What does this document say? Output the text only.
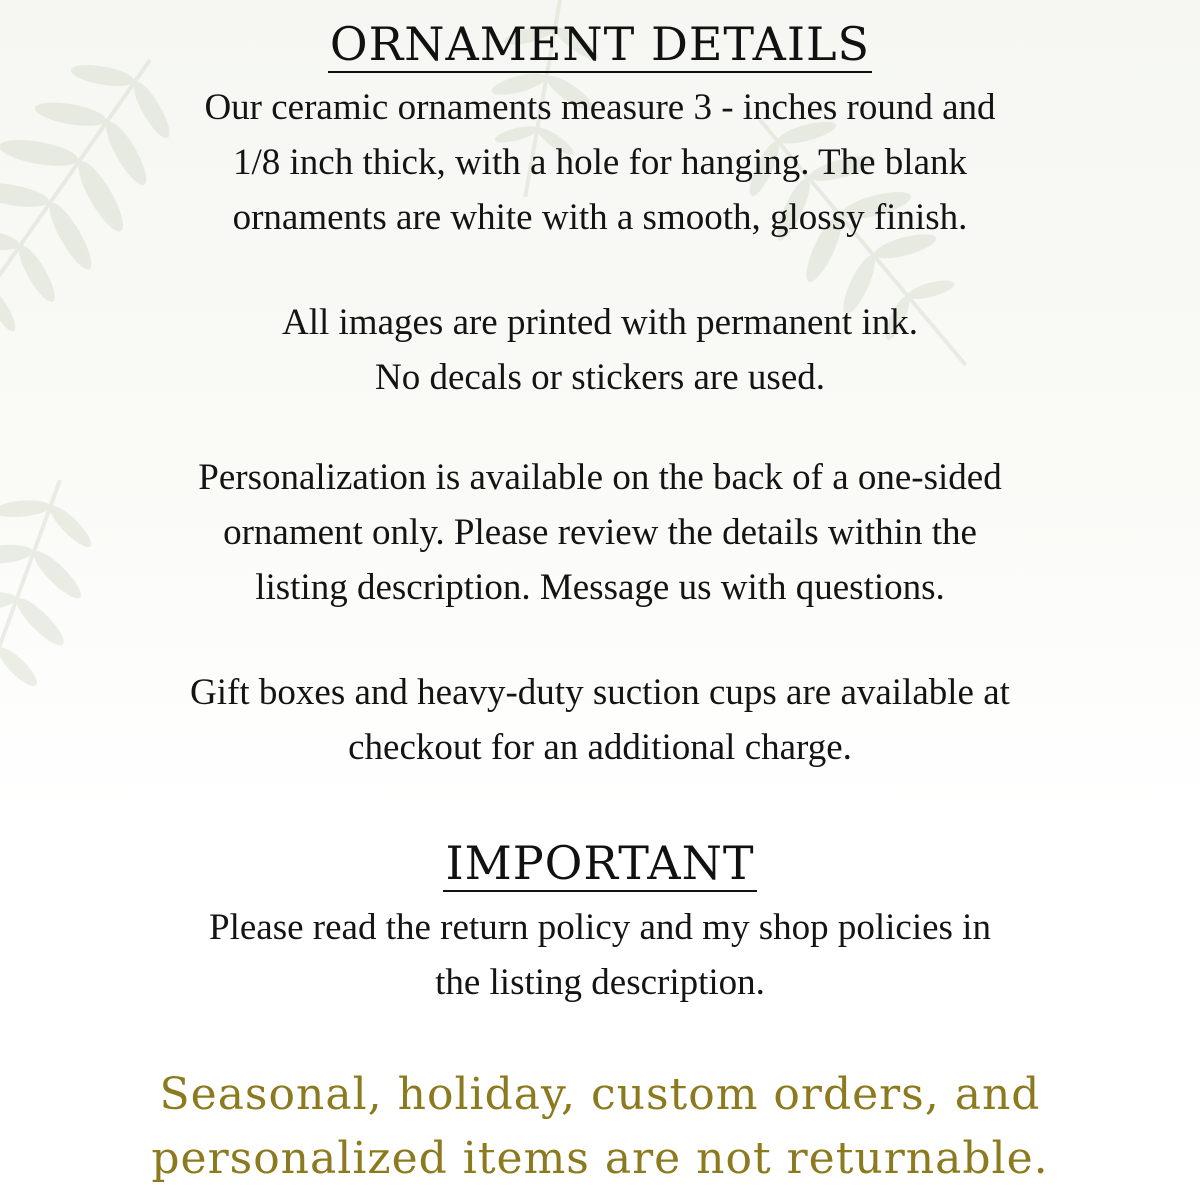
ORNAMENT DETAILS
Our ceramic ornaments measure 3 - inches round and
1/8 inch thick, with a hole for hanging. The blank
ornaments are white with a smooth, glossy finish.
All images are printed with permanent ink.
No decals or stickers are used.
Personalization is available on the back of a one-sided
ornament only. Please review the details within the
listing description. Message us with questions.
Gift boxes and heavy-duty suction cups are available at
checkout for an additional charge.
IMPORTANT
Please read the return policy and my shop policies in
the listing description.
Seasonal, holiday, custom orders, and
personalized items are not returnable.
